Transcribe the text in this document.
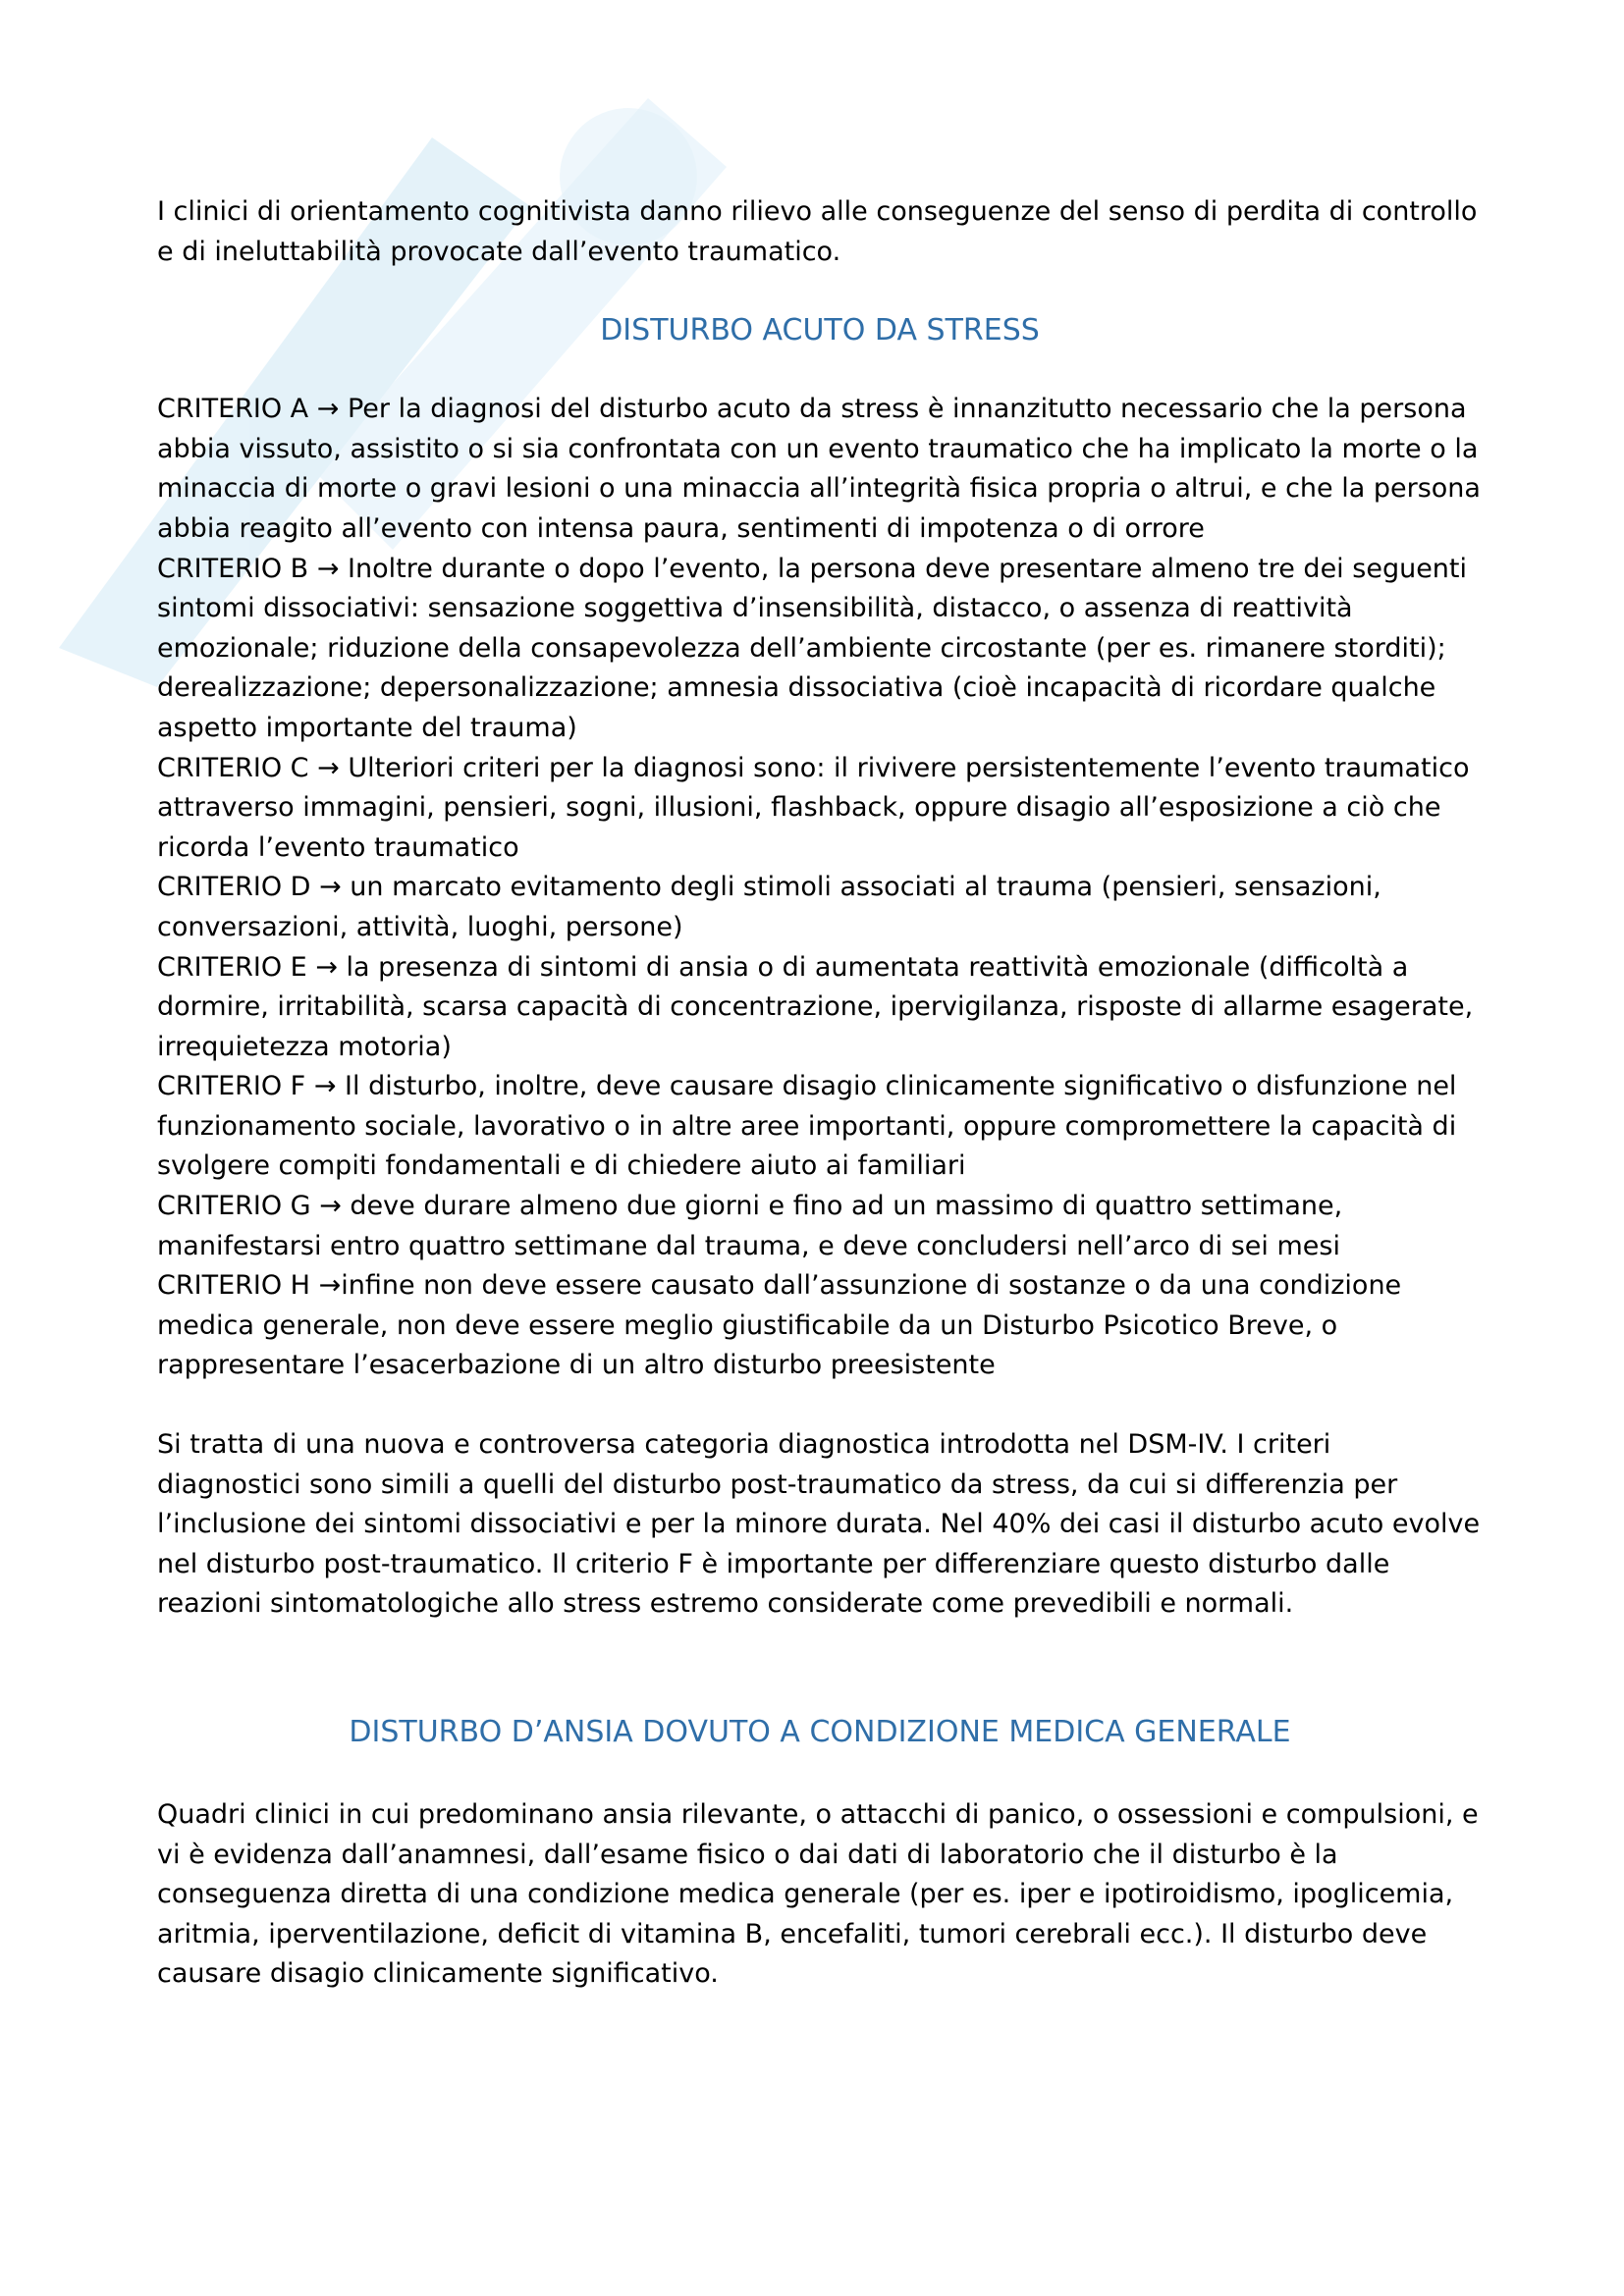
I clinici di orientamento cognitivista danno rilievo alle conseguenze del senso di perdita di controllo e di ineluttabilità provocate dall’evento traumatico.

DISTURBO ACUTO DA STRESS

CRITERIO A → Per la diagnosi del disturbo acuto da stress è innanzitutto necessario che la persona abbia vissuto, assistito o si sia confrontata con un evento traumatico che ha implicato la morte o la minaccia di morte o gravi lesioni o una minaccia all’integrità fisica propria o altrui, e che la persona abbia reagito all’evento con intensa paura, sentimenti di impotenza o di orrore

CRITERIO B → Inoltre durante o dopo l’evento, la persona deve presentare almeno tre dei seguenti sintomi dissociativi: sensazione soggettiva d’insensibilità, distacco, o assenza di reattività emozionale; riduzione della consapevolezza dell’ambiente circostante (per es. rimanere storditi); derealizzazione; depersonalizzazione; amnesia dissociativa (cioè incapacità di ricordare qualche aspetto importante del trauma)

CRITERIO C → Ulteriori criteri per la diagnosi sono: il rivivere persistentemente l’evento traumatico attraverso immagini, pensieri, sogni, illusioni, flashback, oppure disagio all’esposizione a ciò che ricorda l’evento traumatico

CRITERIO D → un marcato evitamento degli stimoli associati al trauma (pensieri, sensazioni, conversazioni, attività, luoghi, persone)

CRITERIO E → la presenza di sintomi di ansia o di aumentata reattività emozionale (difficoltà a dormire, irritabilità, scarsa capacità di concentrazione, ipervigilanza, risposte di allarme esagerate, irrequietezza motoria)

CRITERIO F → Il disturbo, inoltre, deve causare disagio clinicamente significativo o disfunzione nel funzionamento sociale, lavorativo o in altre aree importanti, oppure compromettere la capacità di svolgere compiti fondamentali e di chiedere aiuto ai familiari

CRITERIO G → deve durare almeno due giorni e fino ad un massimo di quattro settimane, manifestarsi entro quattro settimane dal trauma, e deve concludersi nell’arco di sei mesi

CRITERIO H →infine non deve essere causato dall’assunzione di sostanze o da una condizione medica generale, non deve essere meglio giustificabile da un Disturbo Psicotico Breve, o rappresentare l’esacerbazione di un altro disturbo preesistente

Si tratta di una nuova e controversa categoria diagnostica introdotta nel DSM-IV. I criteri diagnostici sono simili a quelli del disturbo post-traumatico da stress, da cui si differenzia per l’inclusione dei sintomi dissociativi e per la minore durata. Nel 40% dei casi il disturbo acuto evolve nel disturbo post-traumatico. Il criterio F è importante per differenziare questo disturbo dalle reazioni sintomatologiche allo stress estremo considerate come prevedibili e normali.

DISTURBO D’ANSIA DOVUTO A CONDIZIONE MEDICA GENERALE

Quadri clinici in cui predominano ansia rilevante, o attacchi di panico, o ossessioni e compulsioni, e vi è evidenza dall’anamnesi, dall’esame fisico o dai dati di laboratorio che il disturbo è la conseguenza diretta di una condizione medica generale (per es. iper e ipotiroidismo, ipoglicemia, aritmia, iperventilazione, deficit di vitamina B, encefaliti, tumori cerebrali ecc.). Il disturbo deve causare disagio clinicamente significativo.
